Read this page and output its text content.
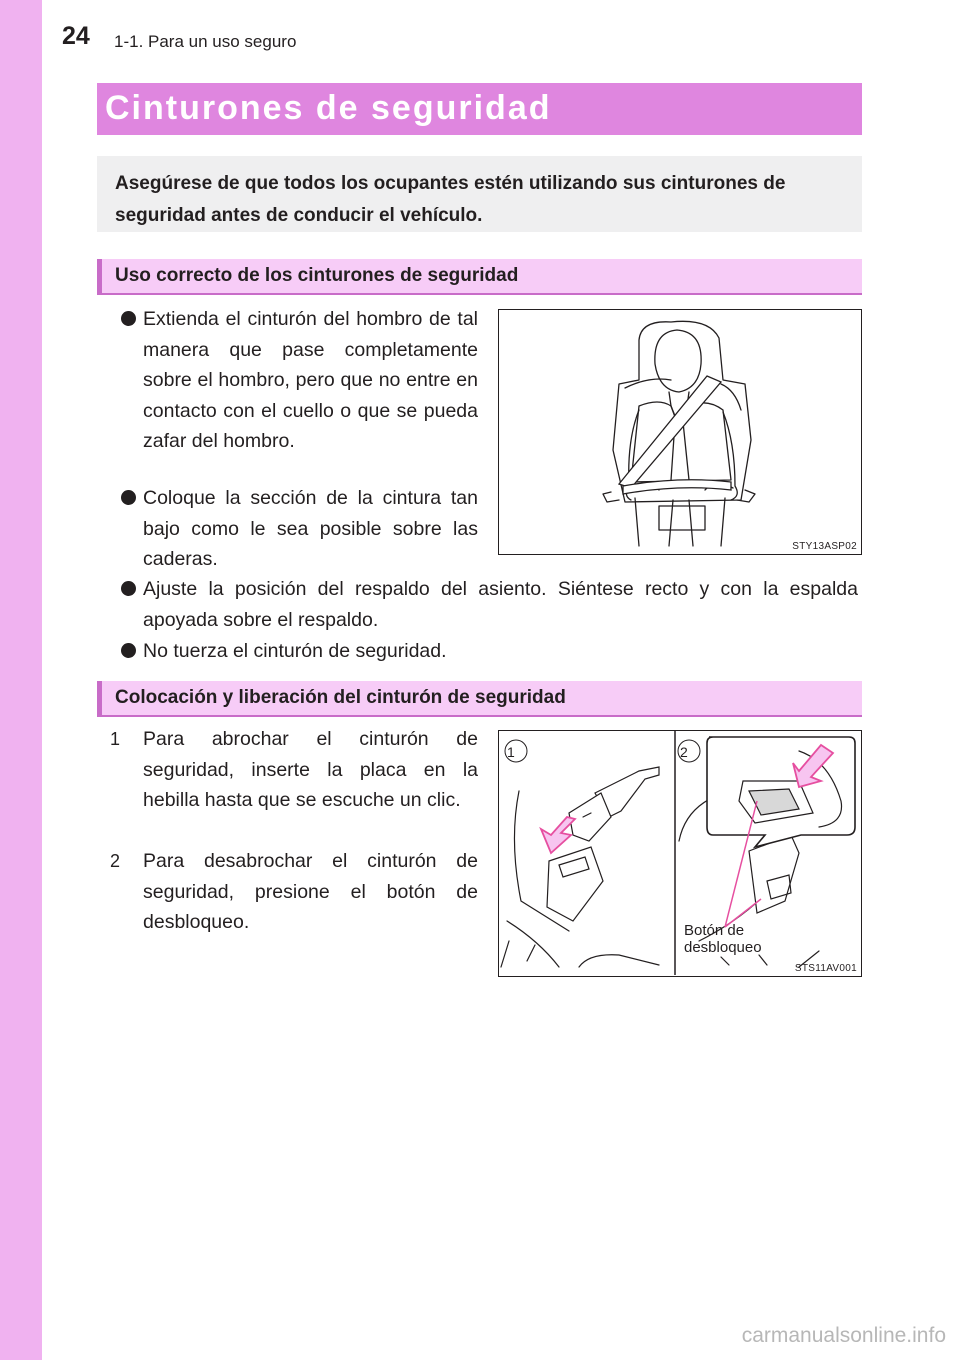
24 1-1. Para un uso seguro
Cinturones de seguridad
Asegúrese de que todos los ocupantes estén utilizando sus cinturones de seguridad antes de conducir el vehículo.
Uso correcto de los cinturones de seguridad
Extienda el cinturón del hombro de tal manera que pase completamente sobre el hombro, pero que no entre en contacto con el cuello o que se pueda zafar del hombro.
Coloque la sección de la cintura tan bajo como le sea posible sobre las caderas.
Ajuste la posición del respaldo del asiento. Siéntese recto y con la espalda apoyada sobre el respaldo.
No tuerza el cinturón de seguridad.
STY13ASP02
Colocación y liberación del cinturón de seguridad
1	Para abrochar el cinturón de seguridad, inserte la placa en la hebilla hasta que se escuche un clic.
2	Para desabrochar el cinturón de seguridad, presione el botón de desbloqueo.
1	2
Botón de
desbloqueo
STS11AV001
carmanualsonline.info
